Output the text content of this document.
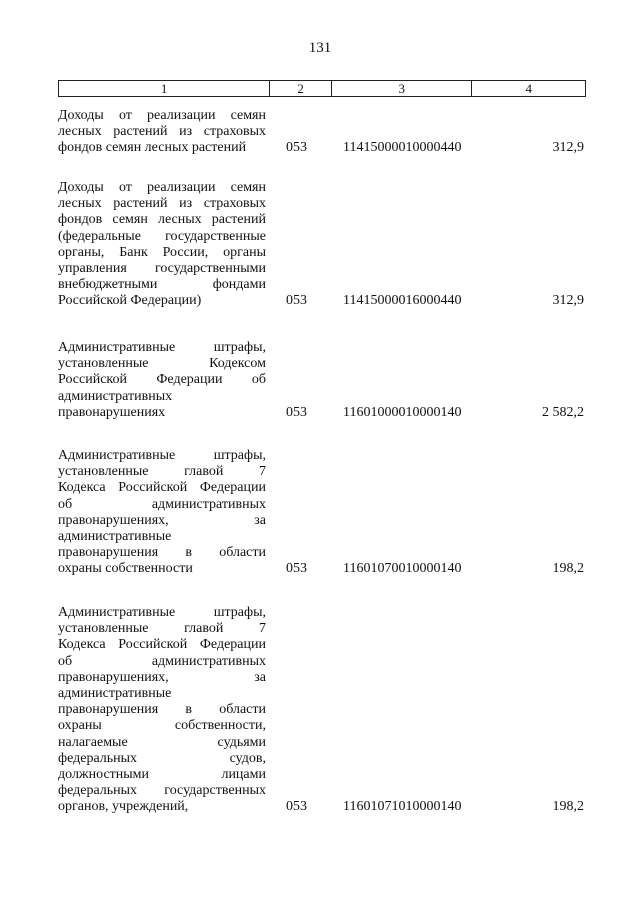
131
1	2	3	4
Доходы от реализации семян
лесных растений из страховых
фондов семян лесных растений	053	11415000010000440	312,9
Доходы от реализации семян
лесных растений из страховых
фондов семян лесных растений
(федеральные государственные
органы, Банк России, органы
управления государственными
внебюджетными фондами
Российской Федерации)	053	11415000016000440	312,9
Административные штрафы,
установленные Кодексом
Российской Федерации об
административных
правонарушениях	053	11601000010000140	2 582,2
Административные штрафы,
установленные главой 7
Кодекса Российской Федерации
об административных
правонарушениях, за
административные
правонарушения в области
охраны собственности	053	11601070010000140	198,2
Административные штрафы,
установленные главой 7
Кодекса Российской Федерации
об административных
правонарушениях, за
административные
правонарушения в области
охраны собственности,
налагаемые судьями
федеральных судов,
должностными лицами
федеральных государственных
органов, учреждений,	053	11601071010000140	198,2
